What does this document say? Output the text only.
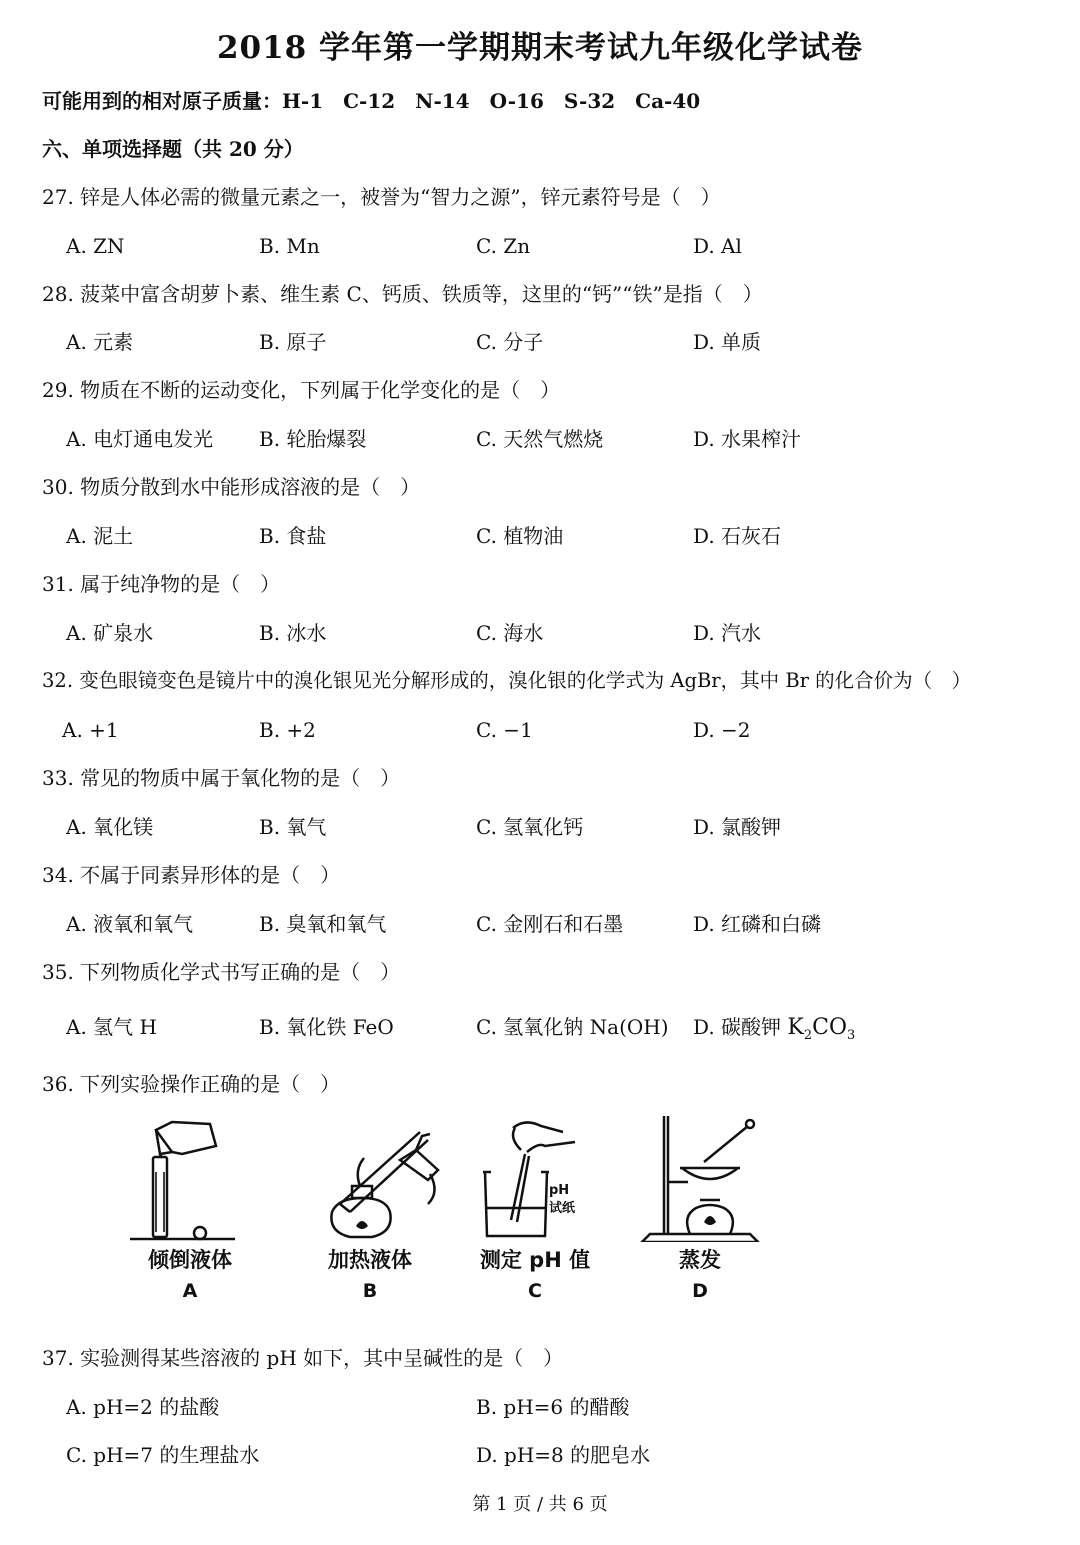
2018 学年第一学期期末考试九年级化学试卷
可能用到的相对原子质量：H-1　C-12　N-14　O-16　S-32　Ca-40
六、单项选择题（共 20 分）
27. 锌是人体必需的微量元素之一，被誉为“智力之源”，锌元素符号是（　）
A. ZN	B. Mn	C. Zn	D. Al
28. 菠菜中富含胡萝卜素、维生素 C、钙质、铁质等，这里的“钙”“铁”是指（　）
A. 元素	B. 原子	C. 分子	D. 单质
29. 物质在不断的运动变化，下列属于化学变化的是（　）
A. 电灯通电发光 B. 轮胎爆裂	C. 天然气燃烧	D. 水果榨汁
30. 物质分散到水中能形成溶液的是（　）
A. 泥土	B. 食盐	C. 植物油	D. 石灰石
31. 属于纯净物的是（　）
A. 矿泉水	B. 冰水	C. 海水	D. 汽水
32. 变色眼镜变色是镜片中的溴化银见光分解形成的，溴化银的化学式为 AgBr，其中 Br 的化合价为（　）
A. +1	B. +2	C. −1	D. −2
33. 常见的物质中属于氧化物的是（　）
A. 氧化镁	B. 氧气	C. 氢氧化钙	D. 氯酸钾
34. 不属于同素异形体的是（　）
A. 液氧和氧气	B. 臭氧和氧气	C. 金刚石和石墨	D. 红磷和白磷
35. 下列物质化学式书写正确的是（　）
A. 氢气 H	B. 氧化铁 FeO	C. 氢氧化钠 Na(OH) D. 碳酸钾 $K_2CO_3$
36. 下列实验操作正确的是（　）
倾倒液体
A
加热液体
B
pH
试纸
测定 pH 值
C
蒸发
D
37. 实验测得某些溶液的 pH 如下，其中呈碱性的是（　）
A. pH=2 的盐酸	B. pH=6 的醋酸
C. pH=7 的生理盐水	D. pH=8 的肥皂水
第 1 页 / 共 6 页
